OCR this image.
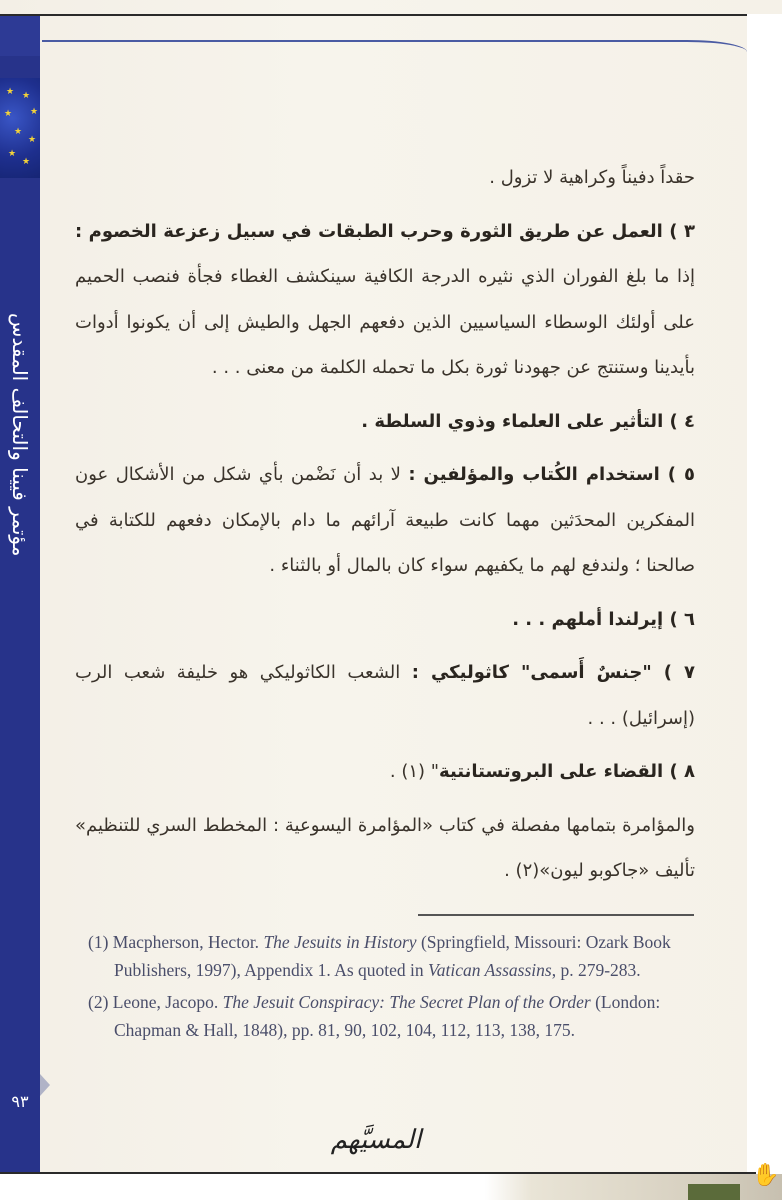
★ ★
★
★
★
★
★
★
مؤتمر فيينا والتحالف المقدس
٩٣

حقداً دفيناً وكراهية لا تزول .

٣ ) العمل عن طريق الثورة وحرب الطبقات في سبيل زعزعة الخصوم : إذا ما بلغ الفوران الذي نثيره الدرجة الكافية سينكشف الغطاء فجأة فنصب الحميم على أولئك الوسطاء السياسيين الذين دفعهم الجهل والطيش إلى أن يكونوا أدوات بأيدينا وستنتج عن جهودنا ثورة بكل ما تحمله الكلمة من معنى . . .

٤ ) التأثير على العلماء وذوي السلطة .

٥ ) استخدام الكُتاب والمؤلفين : لا بد أن نَضْمن بأي شكل من الأشكال عون المفكرين المحدَثين مهما كانت طبيعة آرائهم ما دام بالإمكان دفعهم للكتابة في صالحنا ؛ ولندفع لهم ما يكفيهم سواء كان بالمال أو بالثناء .

٦ ) إيرلندا أملهم . . .

٧ ) "جنسٌ أَسمى" كاثوليكي : الشعب الكاثوليكي هو خليفة شعب الرب (إسرائيل) . . .

٨ ) القضاء على البروتستانتية" (١) .

والمؤامرة بتمامها مفصلة في كتاب «المؤامرة اليسوعية : المخطط السري للتنظيم» تأليف «جاكوبو ليون»(٢) .

(1) Macpherson, Hector. The Jesuits in History (Springfield, Missouri: Ozark Book Publishers, 1997), Appendix 1. As quoted in Vatican Assassins, p. 279-283.

(2) Leone, Jacopo. The Jesuit Conspiracy: The Secret Plan of the Order (London: Chapman & Hall, 1848), pp. 81, 90, 102, 104, 112, 113, 138, 175.

المسيَّهم
✋
